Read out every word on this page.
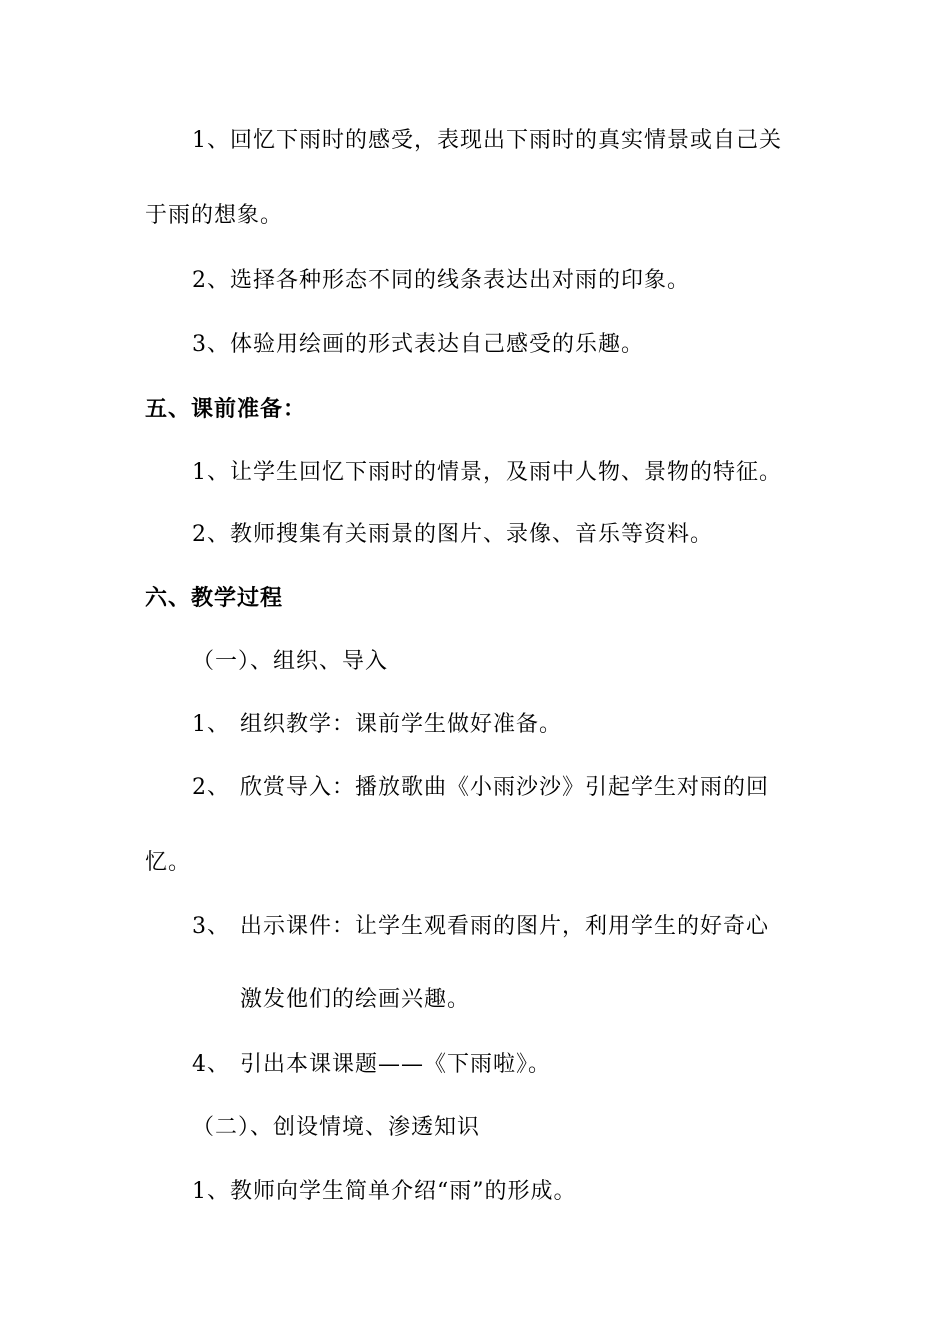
1、回忆下雨时的感受，表现出下雨时的真实情景或自己关
于雨的想象。
2、选择各种形态不同的线条表达出对雨的印象。
3、体验用绘画的形式表达自己感受的乐趣。
五、课前准备：
1、让学生回忆下雨时的情景，及雨中人物、景物的特征。
2、教师搜集有关雨景的图片、录像、音乐等资料。
六、教学过程
（一）、组织、导入
1、 组织教学：课前学生做好准备。
2、 欣赏导入：播放歌曲《小雨沙沙》引起学生对雨的回
忆。
3、 出示课件：让学生观看雨的图片，利用学生的好奇心
激发他们的绘画兴趣。
4、 引出本课课题——《下雨啦》。
（二）、创设情境、渗透知识
1、教师向学生简单介绍“雨”的形成。
